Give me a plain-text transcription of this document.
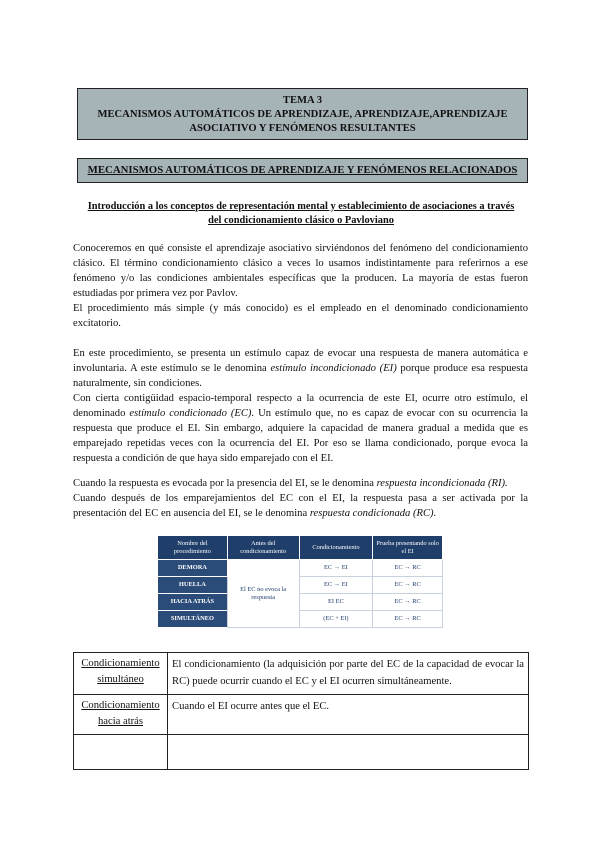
TEMA 3
MECANISMOS AUTOMÁTICOS DE APRENDIZAJE, APRENDIZAJE,APRENDIZAJE
ASOCIATIVO Y FENÓMENOS RESULTANTES
MECANISMOS AUTOMÁTICOS DE APRENDIZAJE Y FENÓMENOS RELACIONADOS
Introducción a los conceptos de representación mental y establecimiento de asociaciones a través
del condicionamiento clásico o Pavloviano

Conoceremos en qué consiste el aprendizaje asociativo sirviéndonos del fenómeno del condicionamiento clásico. El término condicionamiento clásico a veces lo usamos indistintamente para referirnos a ese fenómeno y/o las condiciones ambientales específicas que la producen. La mayoría de estas fueron estudiadas por primera vez por Pavlov.

El procedimiento más simple (y más conocido) es el empleado en el denominado condicionamiento excitatorio.

En este procedimiento, se presenta un estímulo capaz de evocar una respuesta de manera automática e involuntaria. A este estímulo se le denomina estímulo incondicionado (EI) porque produce esa respuesta naturalmente, sin condiciones.

Con cierta contigüidad espacio-temporal respecto a la ocurrencia de este EI, ocurre otro estímulo, el denominado estímulo condicionado (EC). Un estímulo que, no es capaz de evocar con su ocurrencia la respuesta que produce el EI. Sin embargo, adquiere la capacidad de manera gradual a medida que es emparejado repetidas veces con la ocurrencia del EI. Por eso se llama condicionado, porque evoca la respuesta a condición de que haya sido emparejado con el EI.

Cuando la respuesta es evocada por la presencia del EI, se le denomina respuesta incondicionada (RI).

Cuando después de los emparejamientos del EC con el EI, la respuesta pasa a ser activada por la presentación del EC en ausencia del EI, se le denomina respuesta condicionada (RC).

Nombre del procedimiento	Antes del condicionamiento	Condicionamiento	Prueba presentando solo el EI
DEMORA	El EC no evoca la respuesta	EC → EI	EC → RC
HUELLA		EC → EI	EC → RC
HACIA ATRÁS		EI EC	EC → RC
SIMULTÁNEO		(EC + EI)	EC → RC
Condicionamiento simultáneo	El condicionamiento (la adquisición por parte del EC de la capacidad de evocar la RC) puede ocurrir cuando el EC y el EI ocurren simultáneamente.
Condicionamiento hacia atrás	Cuando el EI ocurre antes que el EC.
